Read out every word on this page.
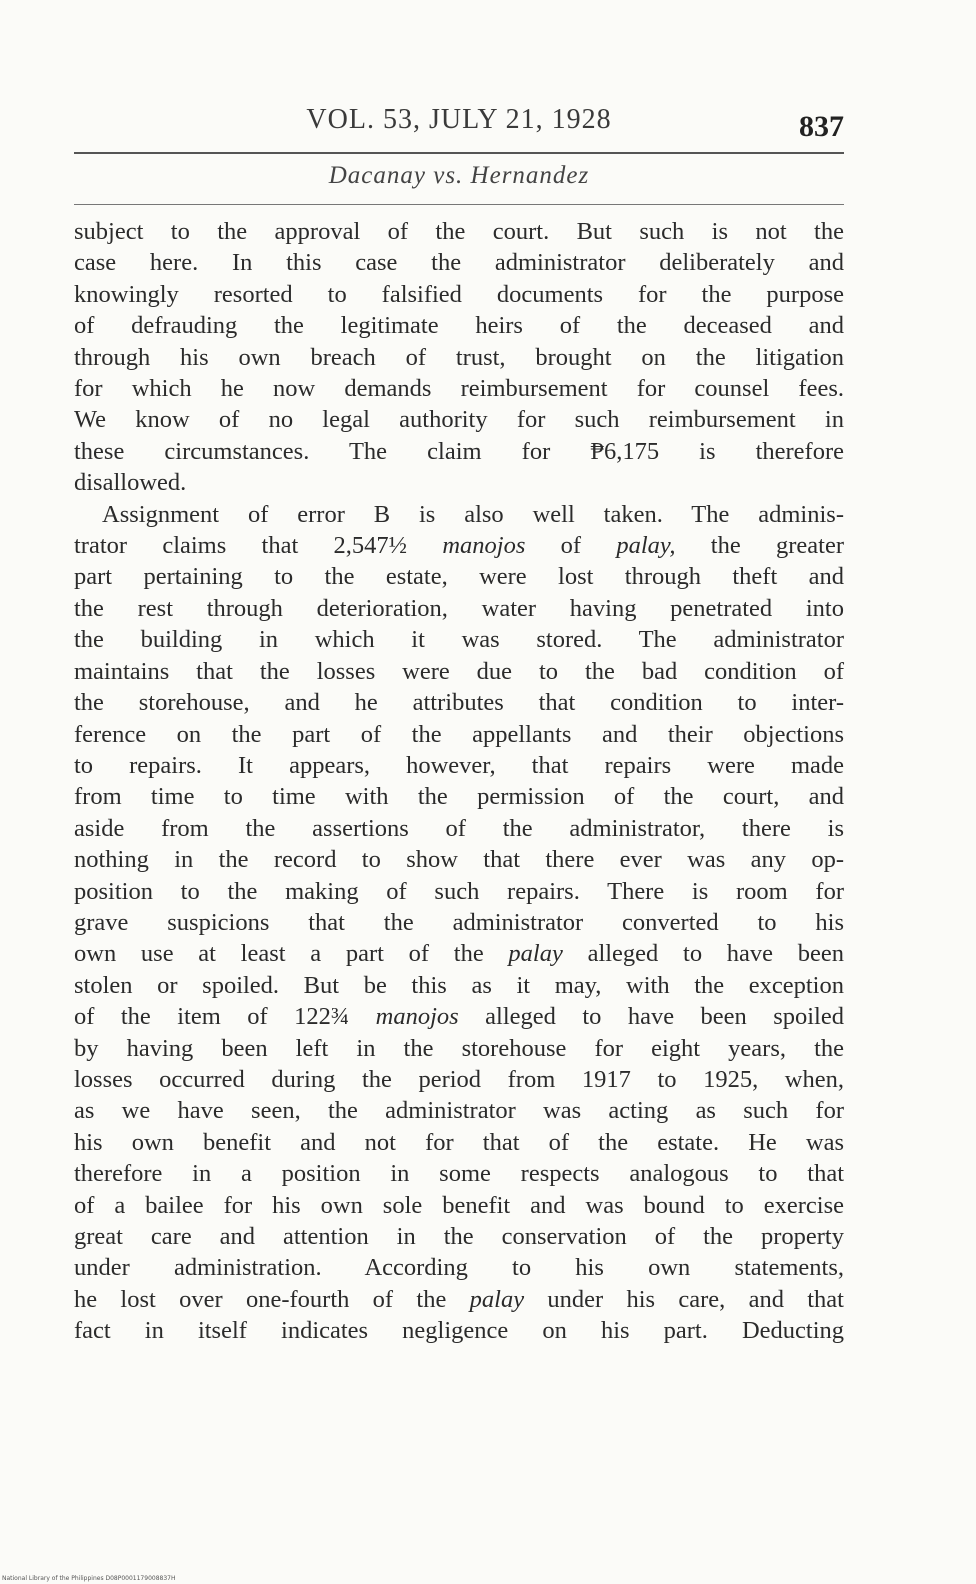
VOL. 53, JULY 21, 1928	837
Dacanay vs. Hernandez
subject to the approval of the court. But such is not the
case here. In this case the administrator deliberately and
knowingly resorted to falsified documents for the purpose
of defrauding the legitimate heirs of the deceased and
through his own breach of trust, brought on the litigation
for which he now demands reimbursement for counsel fees.
We know of no legal authority for such reimbursement in
these circumstances. The claim for ₱6,175 is therefore
disallowed.
Assignment of error B is also well taken. The adminis-
trator claims that 2,547½ manojos of palay, the greater
part pertaining to the estate, were lost through theft and
the rest through deterioration, water having penetrated into
the building in which it was stored. The administrator
maintains that the losses were due to the bad condition of
the storehouse, and he attributes that condition to inter-
ference on the part of the appellants and their objections
to repairs. It appears, however, that repairs were made
from time to time with the permission of the court, and
aside from the assertions of the administrator, there is
nothing in the record to show that there ever was any op-
position to the making of such repairs. There is room for
grave suspicions that the administrator converted to his
own use at least a part of the palay alleged to have been
stolen or spoiled. But be this as it may, with the exception
of the item of 122¾ manojos alleged to have been spoiled
by having been left in the storehouse for eight years, the
losses occurred during the period from 1917 to 1925, when,
as we have seen, the administrator was acting as such for
his own benefit and not for that of the estate. He was
therefore in a position in some respects analogous to that
of a bailee for his own sole benefit and was bound to exercise
great care and attention in the conservation of the property
under administration. According to his own statements,
he lost over one-fourth of the palay under his care, and that
fact in itself indicates negligence on his part. Deducting
National Library of the Philippines D08P0001179008837H
